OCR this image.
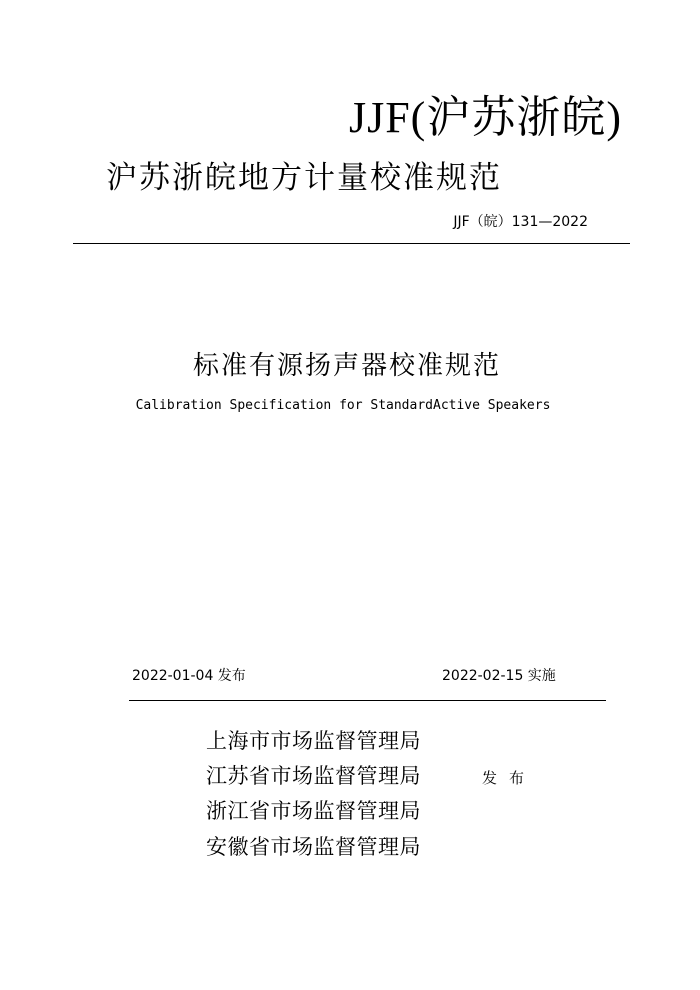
JJF(沪苏浙皖)
沪苏浙皖地方计量校准规范
JJF（皖）131—2022
标准有源扬声器校准规范
Calibration Specification for StandardActive Speakers
2022-01-04 发布	2022-02-15 实施
上海市市场监督管理局
江苏省市场监督管理局
浙江省市场监督管理局
安徽省市场监督管理局
发布
